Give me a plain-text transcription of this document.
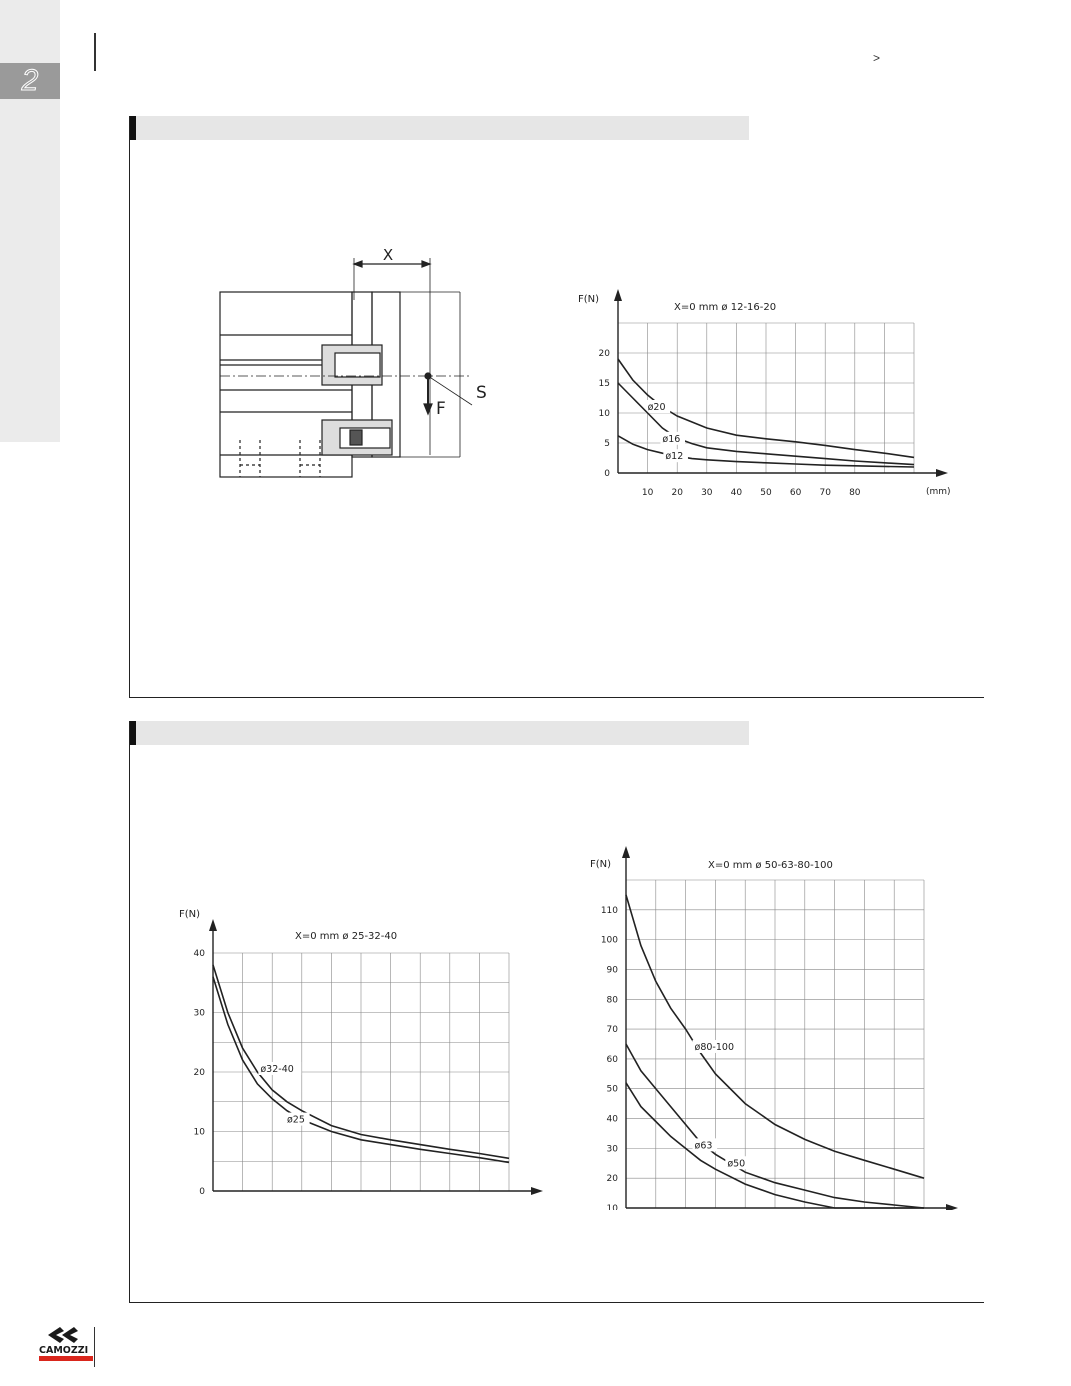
2
>
X
S
F
F(N)
X=0 mm ø 12-16-20
(mm)
0
5
10
15
20
10 20 30 40 50 60 70 80
ø20
ø16
ø12
F(N)
X=0 mm ø 25-32-40
0
10
20
30
40
ø32-40
ø25
F(N)	X=0 mm ø 50-63-80-100
10
20
30
40
50
60
70
80
90
100
110
ø80-100
ø63
ø50
CAMOZZI
